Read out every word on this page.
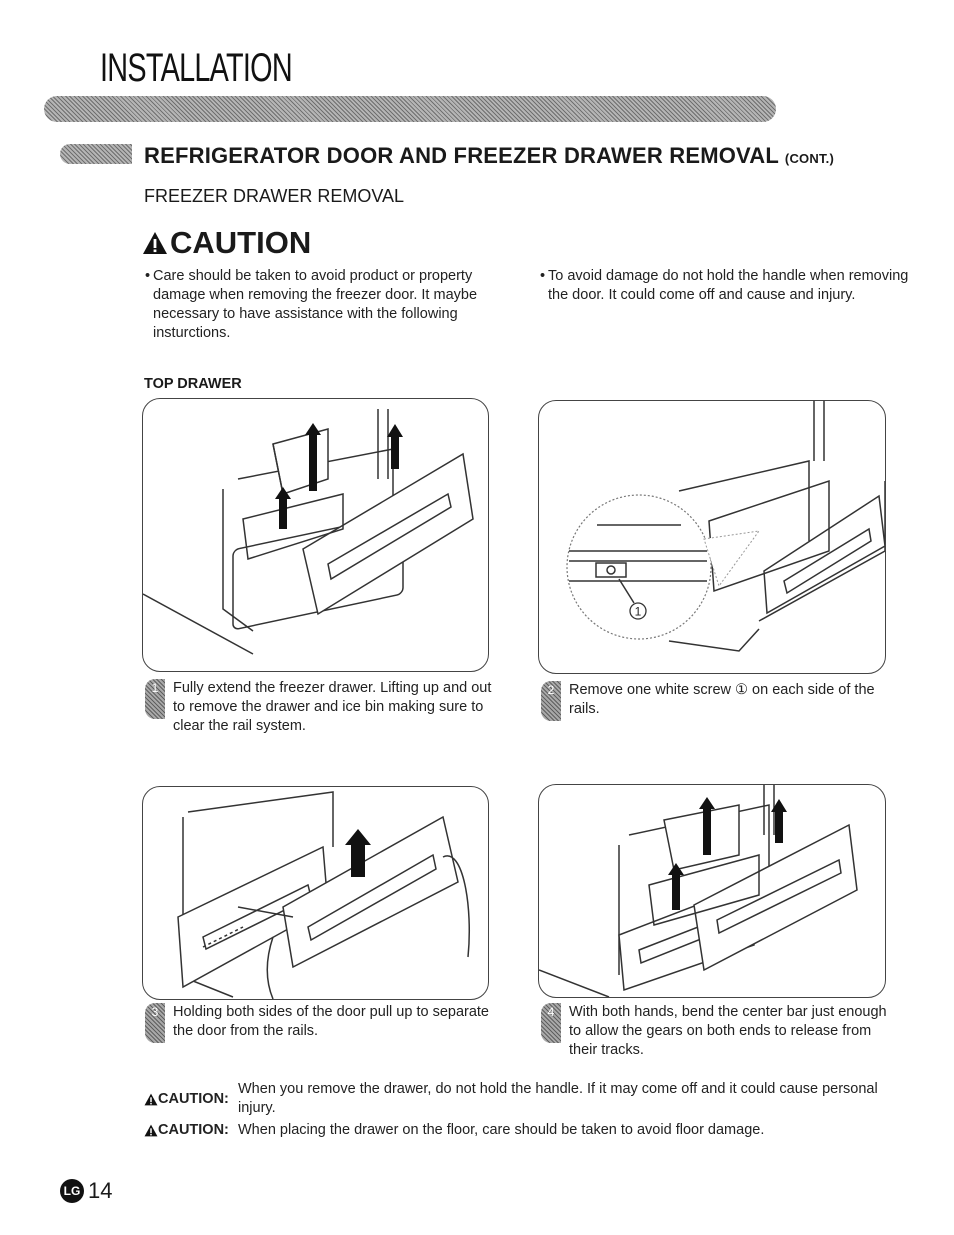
INSTALLATION
REFRIGERATOR DOOR AND FREEZER DRAWER REMOVAL (CONT.)
FREEZER DRAWER REMOVAL
CAUTION
• Care should be taken to avoid product or property damage when removing the freezer door. It maybe necessary to have assistance with the following insturctions.
• To avoid damage do not hold the handle when removing the door. It could come off and cause and injury.
TOP DRAWER
1	Fully extend the freezer drawer. Lifting up and out to remove the drawer and ice bin making sure to clear the rail system.
1
2	Remove one white screw ① on each side of the rails.
3	Holding both sides of the door pull up to separate the door from the rails.
4	With both hands, bend the center bar just enough to allow the gears on both ends to release from their tracks.
CAUTION:
When you remove the drawer, do not hold the handle. If it may come off and it could cause personal injury.
CAUTION: When placing the drawer on the floor, care should be taken to avoid floor damage.
LG 14
